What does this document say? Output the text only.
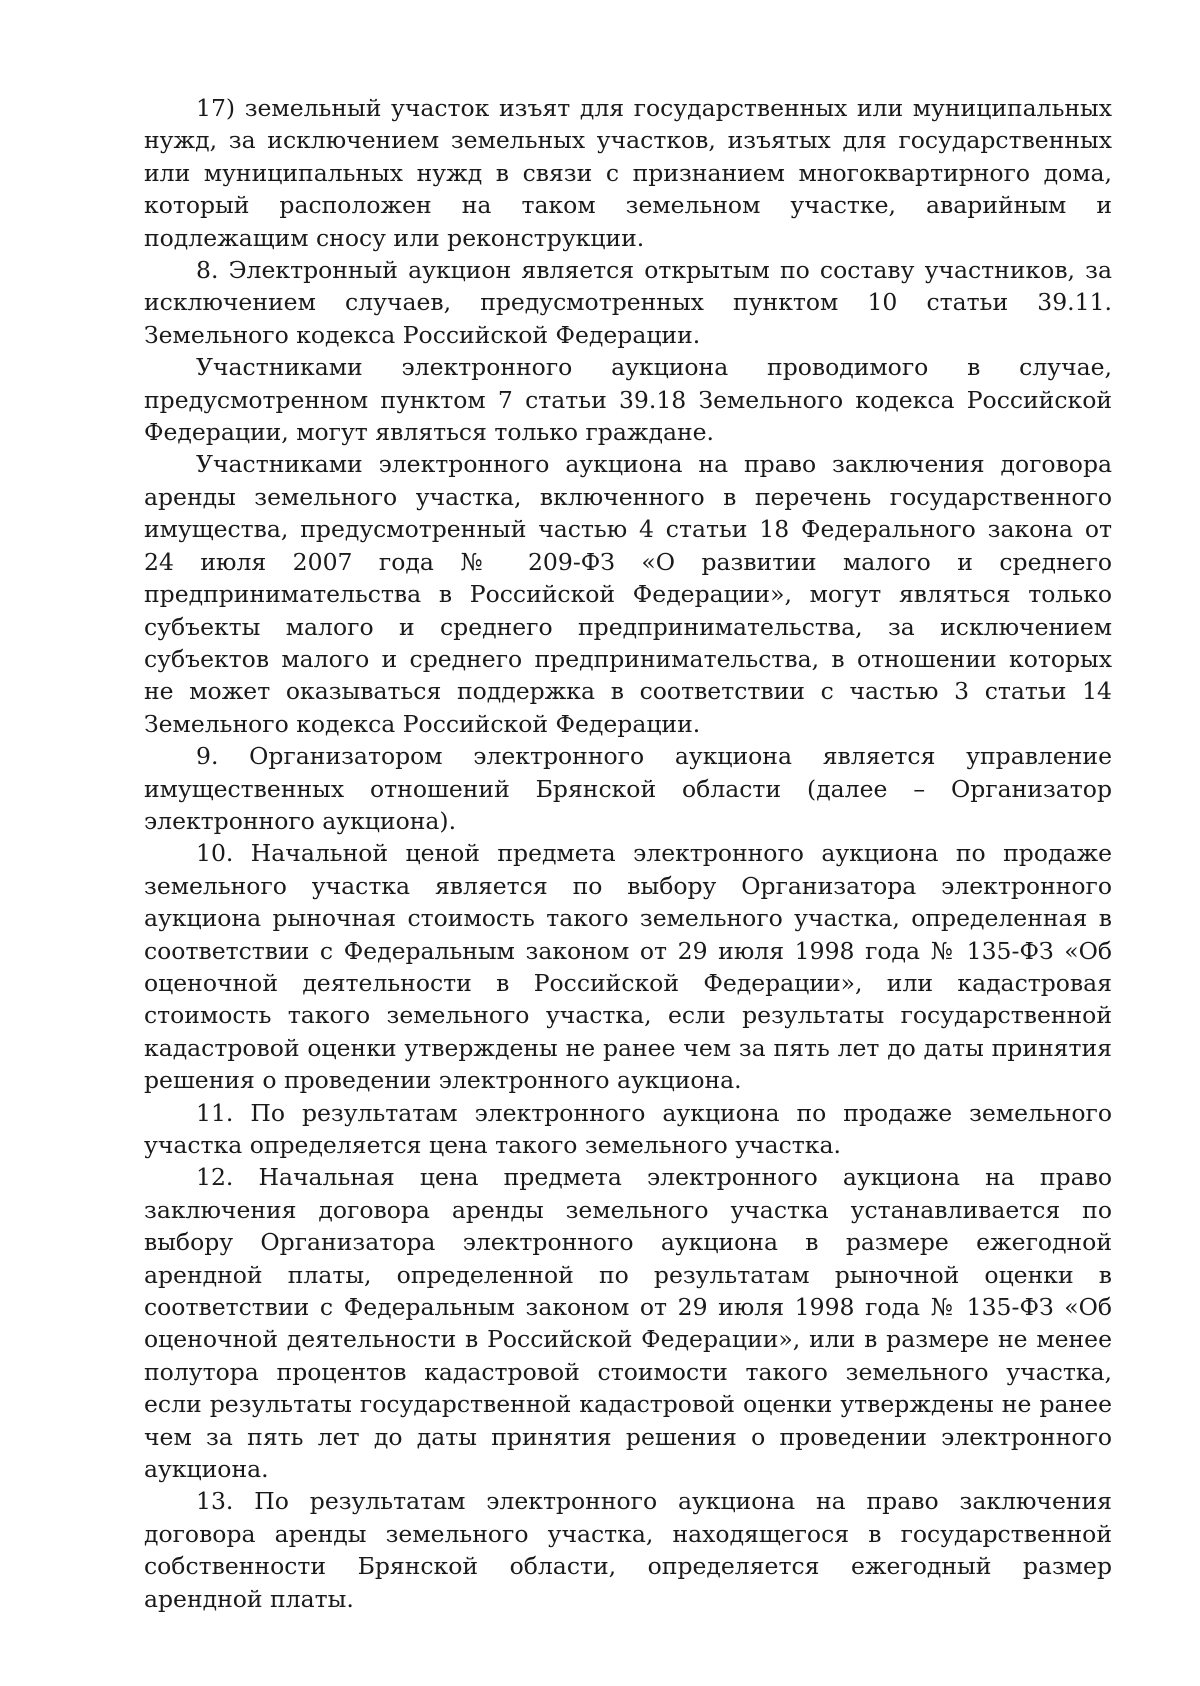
17) земельный участок изъят для государственных или муниципальных нужд, за исключением земельных участков, изъятых для государственных или муниципальных нужд в связи с признанием многоквартирного дома, который расположен на таком земельном участке, аварийным и подлежащим сносу или реконструкции.

8. Электронный аукцион является открытым по составу участников, за исключением случаев, предусмотренных пунктом 10 статьи 39.11. Земельного кодекса Российской Федерации.

Участниками электронного аукциона проводимого в случае, предусмотренном пунктом 7 статьи 39.18 Земельного кодекса Российской Федерации, могут являться только граждане.

Участниками электронного аукциона на право заключения договора аренды земельного участка, включенного в перечень государственного имущества, предусмотренный частью 4 статьи 18 Федерального закона от 24 июля 2007 года № 209-ФЗ «О развитии малого и среднего предпринимательства в Российской Федерации», могут являться только субъекты малого и среднего предпринимательства, за исключением субъектов малого и среднего предпринимательства, в отношении которых не может оказываться поддержка в соответствии с частью 3 статьи 14 Земельного кодекса Российской Федерации.

9. Организатором электронного аукциона является управление имущественных отношений Брянской области (далее – Организатор электронного аукциона).

10. Начальной ценой предмета электронного аукциона по продаже земельного участка является по выбору Организатора электронного аукциона рыночная стоимость такого земельного участка, определенная в соответствии с Федеральным законом от 29 июля 1998 года № 135-ФЗ «Об оценочной деятельности в Российской Федерации», или кадастровая стоимость такого земельного участка, если результаты государственной кадастровой оценки утверждены не ранее чем за пять лет до даты принятия решения о проведении электронного аукциона.

11. По результатам электронного аукциона по продаже земельного участка определяется цена такого земельного участка.

12. Начальная цена предмета электронного аукциона на право заключения договора аренды земельного участка устанавливается по выбору Организатора электронного аукциона в размере ежегодной арендной платы, определенной по результатам рыночной оценки в соответствии с Федеральным законом от 29 июля 1998 года № 135-ФЗ «Об оценочной деятельности в Российской Федерации», или в размере не менее полутора процентов кадастровой стоимости такого земельного участка, если результаты государственной кадастровой оценки утверждены не ранее чем за пять лет до даты принятия решения о проведении электронного аукциона.

13. По результатам электронного аукциона на право заключения договора аренды земельного участка, находящегося в государственной собственности Брянской области, определяется ежегодный размер арендной платы.
